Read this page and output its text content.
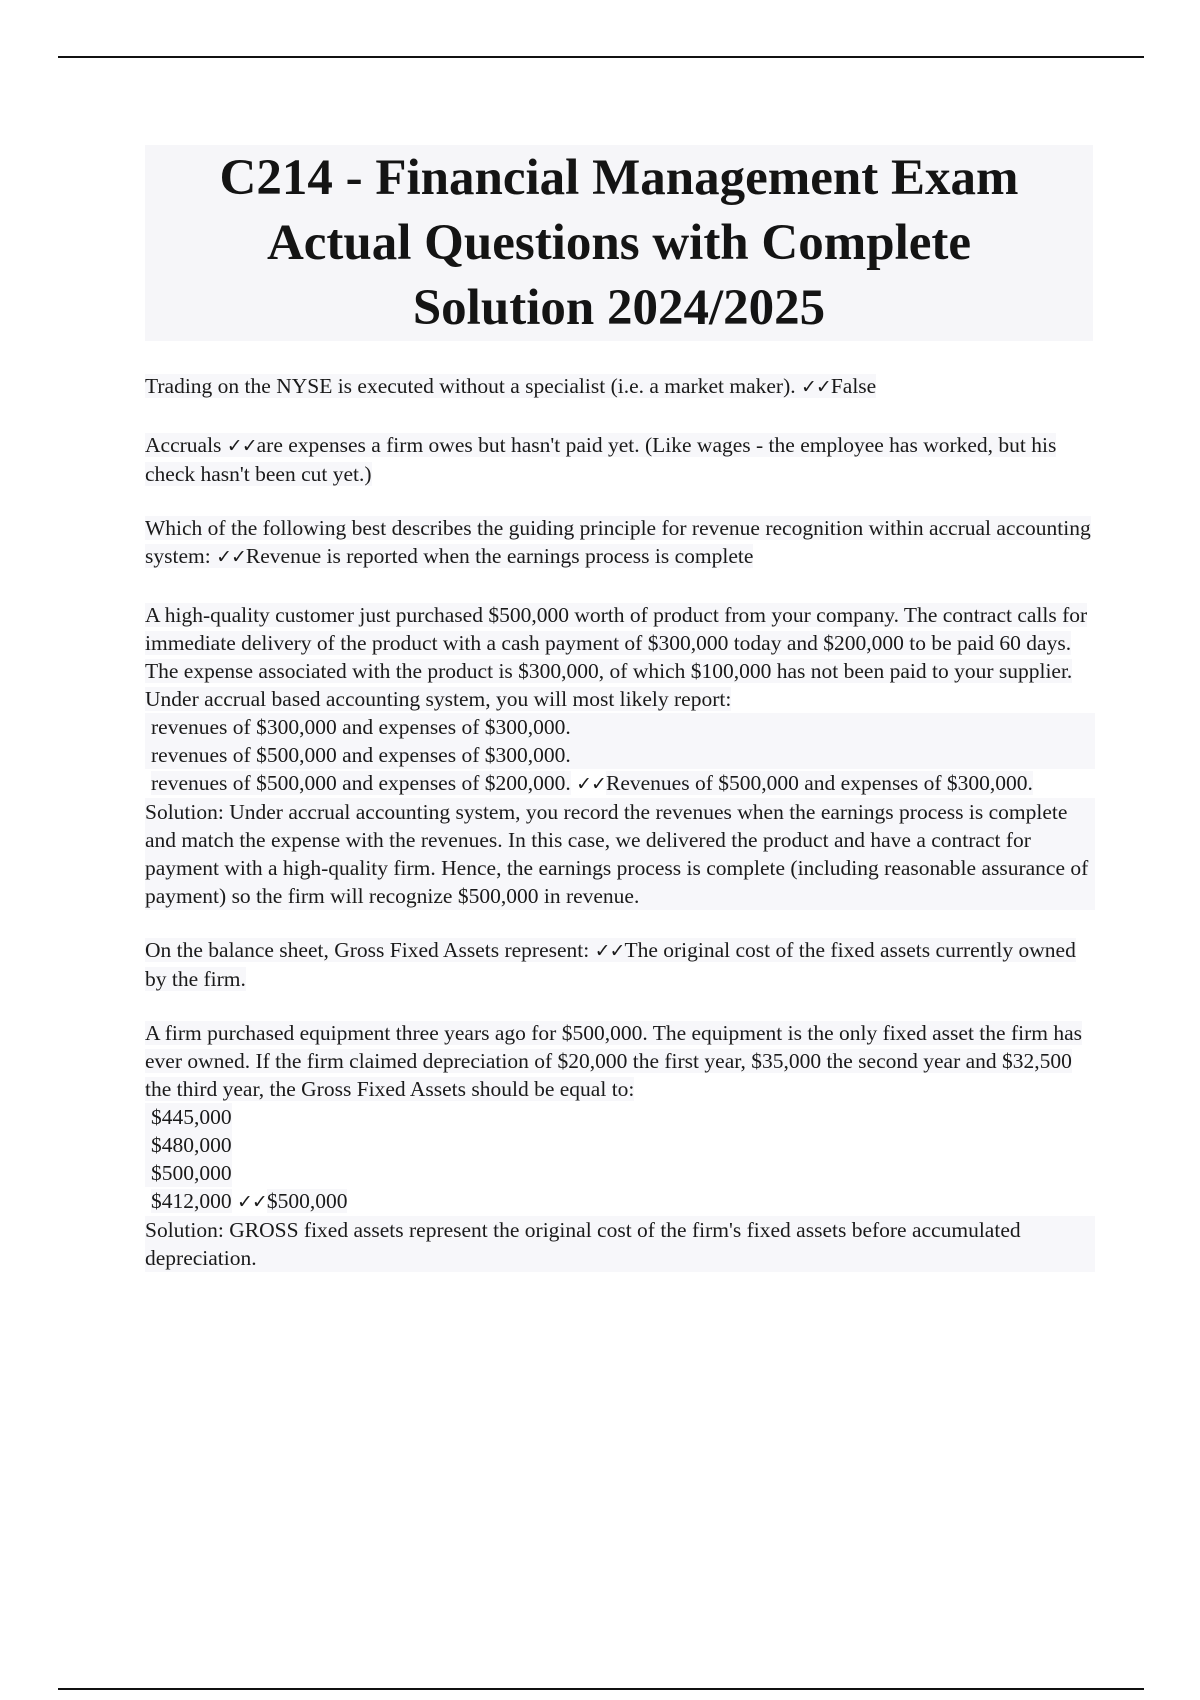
C214 - Financial Management Exam
Actual Questions with Complete
Solution 2024/2025

Trading on the NYSE is executed without a specialist (i.e. a market maker). ✓✓False

Accruals ✓✓are expenses a firm owes but hasn't paid yet. (Like wages - the employee has worked, but his check hasn't been cut yet.)

Which of the following best describes the guiding principle for revenue recognition within accrual accounting system: ✓✓Revenue is reported when the earnings process is complete

A high-quality customer just purchased $500,000 worth of product from your company. The contract calls for immediate delivery of the product with a cash payment of $300,000 today and $200,000 to be paid 60 days. The expense associated with the product is $300,000, of which $100,000 has not been paid to your supplier. Under accrual based accounting system, you will most likely report:
revenues of $300,000 and expenses of $300,000.
revenues of $500,000 and expenses of $300,000.
revenues of $500,000 and expenses of $200,000. ✓✓Revenues of $500,000 and expenses of $300,000.
Solution: Under accrual accounting system, you record the revenues when the earnings process is complete and match the expense with the revenues. In this case, we delivered the product and have a contract for payment with a high-quality firm. Hence, the earnings process is complete (including reasonable assurance of payment) so the firm will recognize $500,000 in revenue.

On the balance sheet, Gross Fixed Assets represent: ✓✓The original cost of the fixed assets currently owned by the firm.

A firm purchased equipment three years ago for $500,000. The equipment is the only fixed asset the firm has ever owned. If the firm claimed depreciation of $20,000 the first year, $35,000 the second year and $32,500 the third year, the Gross Fixed Assets should be equal to:
$445,000
$480,000
$500,000
$412,000 ✓✓$500,000
Solution: GROSS fixed assets represent the original cost of the firm's fixed assets before accumulated depreciation.
